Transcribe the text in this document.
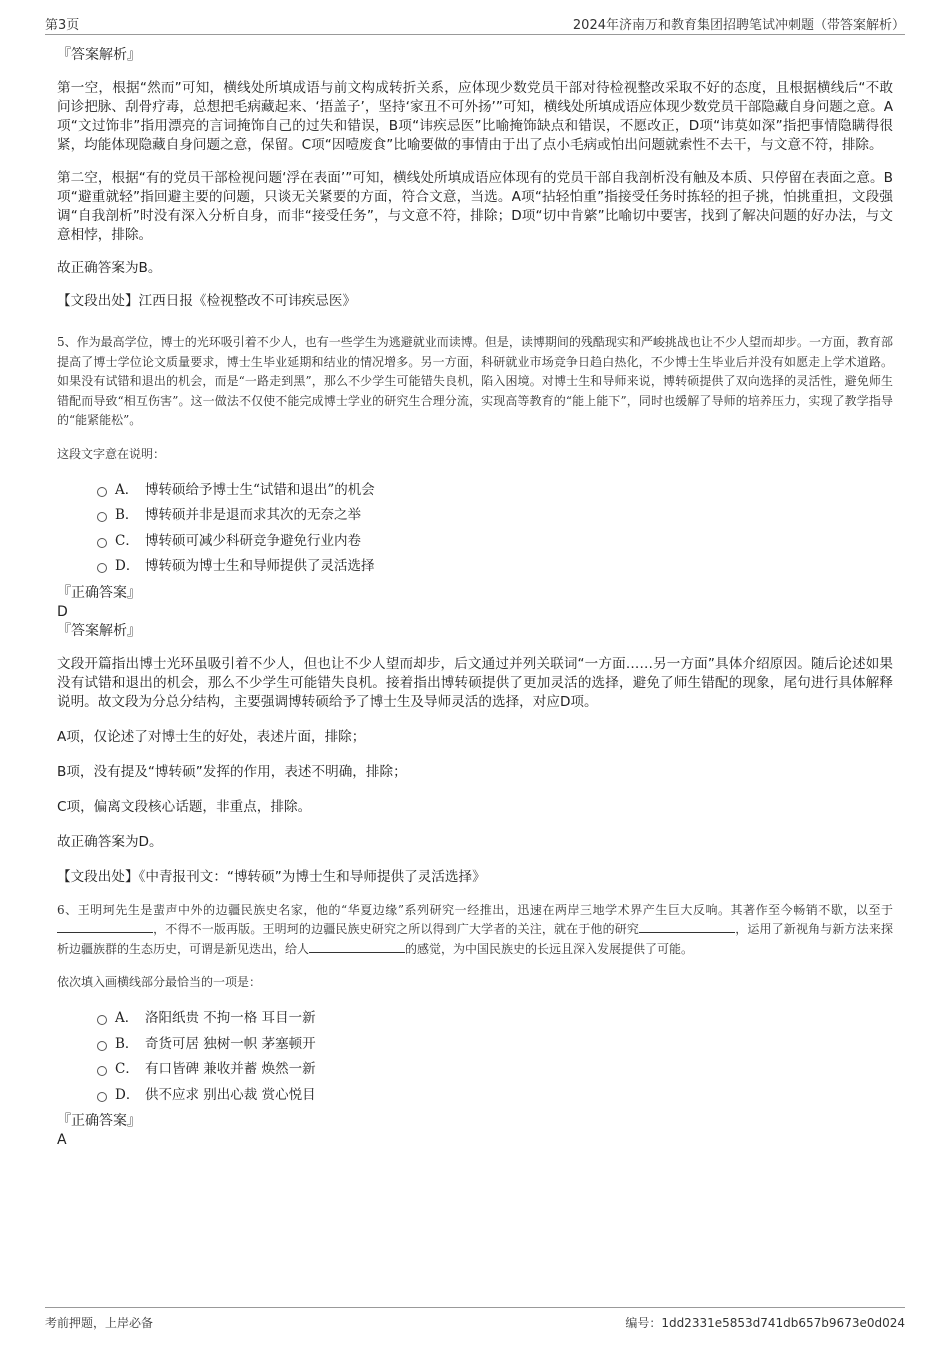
第3页	2024年济南万和教育集团招聘笔试冲刺题（带答案解析）
『答案解析』

第一空，根据“然而”可知，横线处所填成语与前文构成转折关系，应体现少数党员干部对待检视整改采取不好的态度，且根据横线后“不敢问诊把脉、刮骨疗毒，总想把毛病藏起来、‘捂盖子’，坚持‘家丑不可外扬’”可知，横线处所填成语应体现少数党员干部隐藏自身问题之意。A项“文过饰非”指用漂亮的言词掩饰自己的过失和错误，B项“讳疾忌医”比喻掩饰缺点和错误，不愿改正，D项“讳莫如深”指把事情隐瞒得很紧，均能体现隐藏自身问题之意，保留。C项“因噎废食”比喻要做的事情由于出了点小毛病或怕出问题就索性不去干，与文意不符，排除。

第二空，根据“有的党员干部检视问题‘浮在表面’”可知，横线处所填成语应体现有的党员干部自我剖析没有触及本质、只停留在表面之意。B项“避重就轻”指回避主要的问题，只谈无关紧要的方面，符合文意，当选。A项“拈轻怕重”指接受任务时拣轻的担子挑，怕挑重担，文段强调“自我剖析”时没有深入分析自身，而非“接受任务”，与文意不符，排除；D项“切中肯綮”比喻切中要害，找到了解决问题的好办法，与文意相悖，排除。

故正确答案为B。

【文段出处】江西日报《检视整改不可讳疾忌医》

5、作为最高学位，博士的光环吸引着不少人，也有一些学生为逃避就业而读博。但是，读博期间的残酷现实和严峻挑战也让不少人望而却步。一方面，教育部提高了博士学位论文质量要求，博士生毕业延期和结业的情况增多。另一方面，科研就业市场竞争日趋白热化，不少博士生毕业后并没有如愿走上学术道路。如果没有试错和退出的机会，而是“一路走到黑”，那么不少学生可能错失良机，陷入困境。对博士生和导师来说，博转硕提供了双向选择的灵活性，避免师生错配而导致“相互伤害”。这一做法不仅使不能完成博士学业的研究生合理分流，实现高等教育的“能上能下”，同时也缓解了导师的培养压力，实现了教学指导的“能紧能松”。

这段文字意在说明：
A． 博转硕给予博士生“试错和退出”的机会
B． 博转硕并非是退而求其次的无奈之举
C． 博转硕可减少科研竞争避免行业内卷
D． 博转硕为博士生和导师提供了灵活选择
『正确答案』
D
『答案解析』

文段开篇指出博士光环虽吸引着不少人，但也让不少人望而却步，后文通过并列关联词“一方面……另一方面”具体介绍原因。随后论述如果没有试错和退出的机会，那么不少学生可能错失良机。接着指出博转硕提供了更加灵活的选择，避免了师生错配的现象，尾句进行具体解释说明。故文段为分总分结构，主要强调博转硕给予了博士生及导师灵活的选择，对应D项。

A项，仅论述了对博士生的好处，表述片面，排除；

B项，没有提及“博转硕”发挥的作用，表述不明确，排除；

C项，偏离文段核心话题，非重点，排除。

故正确答案为D。

【文段出处】《中青报刊文：“博转硕”为博士生和导师提供了灵活选择》

6、王明珂先生是蜚声中外的边疆民族史名家，他的“华夏边缘”系列研究一经推出，迅速在两岸三地学术界产生巨大反响。其著作至今畅销不歇，以至于，不得不一版再版。王明珂的边疆民族史研究之所以得到广大学者的关注，就在于他的研究	，运用了新视角与新方法来探析边疆族群的生态历史，可谓是新见迭出，给人	的感觉，为中国民族史的长远且深入发展提供了可能。

依次填入画横线部分最恰当的一项是：
A． 洛阳纸贵 不拘一格 耳目一新
B． 奇货可居 独树一帜 茅塞顿开
C． 有口皆碑 兼收并蓄 焕然一新
D． 供不应求 别出心裁 赏心悦目
『正确答案』
A
考前押题，上岸必备	编号：1dd2331e5853d741db657b9673e0d024
